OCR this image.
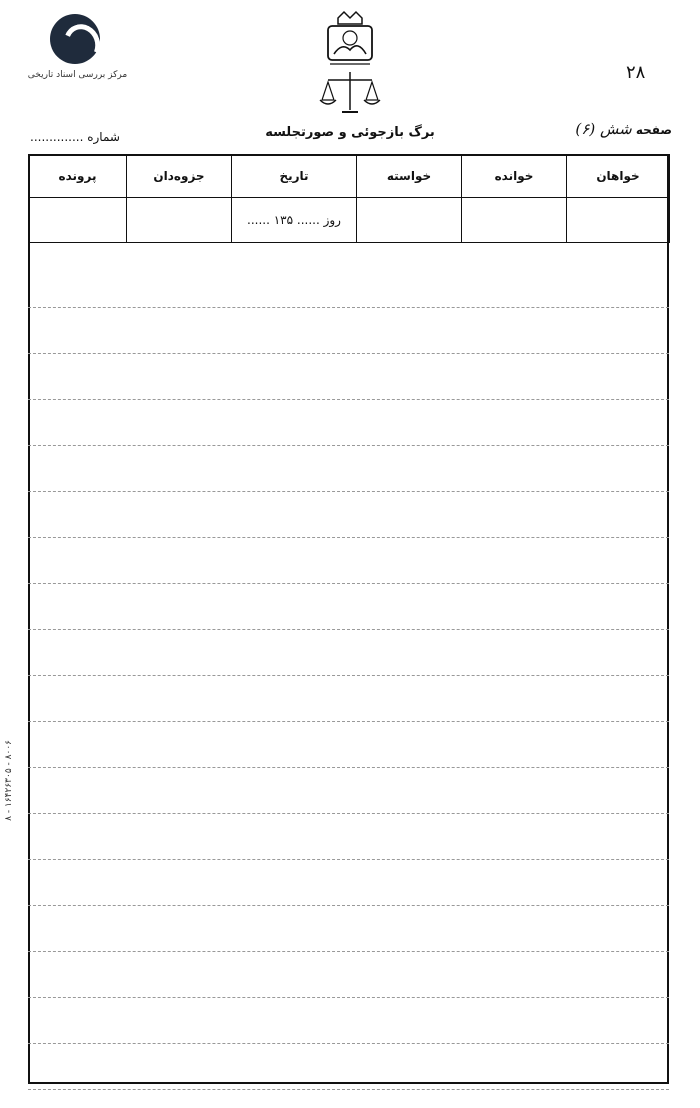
مرکز بررسی اسناد تاریخی	۲۸
برگ بازجوئی و صورتجلسه
شماره ..............	صفحه شش (۶)
خواهان	خوانده	خواسته	تاریخ	جزوه‌دان	پرونده
			روز ...... ۱۳۵ ......		
۸۰۰۶ - ۱۶۴۲۶۳۰۵ - ۸
